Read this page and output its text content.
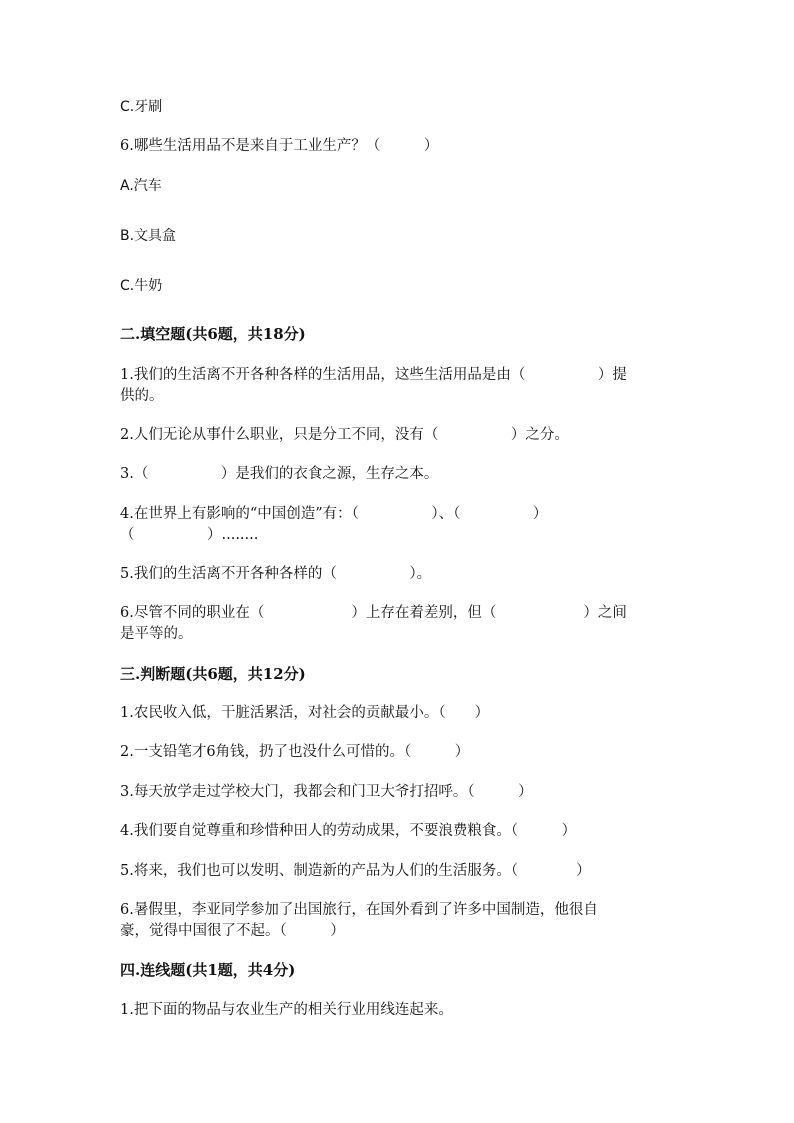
C.牙刷
6.哪些生活用品不是来自于工业生产？（　　　）
A.汽车
B.文具盒
C.牛奶
二.填空题(共6题，共18分)
1.我们的生活离不开各种各样的生活用品，这些生活用品是由（　　　　　）提
供的。
2.人们无论从事什么职业，只是分工不同，没有（　　　　　）之分。
3.（　　　　　）是我们的衣食之源，生存之本。
4.在世界上有影响的“中国创造”有：（　　　　　）、（　　　　　）
（　　　　　）........
5.我们的生活离不开各种各样的（　　　　　）。
6.尽管不同的职业在（　　　　　　）上存在着差别，但（　　　　　　）之间
是平等的。
三.判断题(共6题，共12分)
1.农民收入低，干脏活累活，对社会的贡献最小。（　　）
2.一支铅笔才6角钱，扔了也没什么可惜的。（　　　）
3.每天放学走过学校大门，我都会和门卫大爷打招呼。（　　　）
4.我们要自觉尊重和珍惜种田人的劳动成果，不要浪费粮食。（　　　）
5.将来，我们也可以发明、制造新的产品为人们的生活服务。（　　　　）
6.暑假里，李亚同学参加了出国旅行，在国外看到了许多中国制造，他很自
豪，觉得中国很了不起。（　　　）
四.连线题(共1题，共4分)
1.把下面的物品与农业生产的相关行业用线连起来。
